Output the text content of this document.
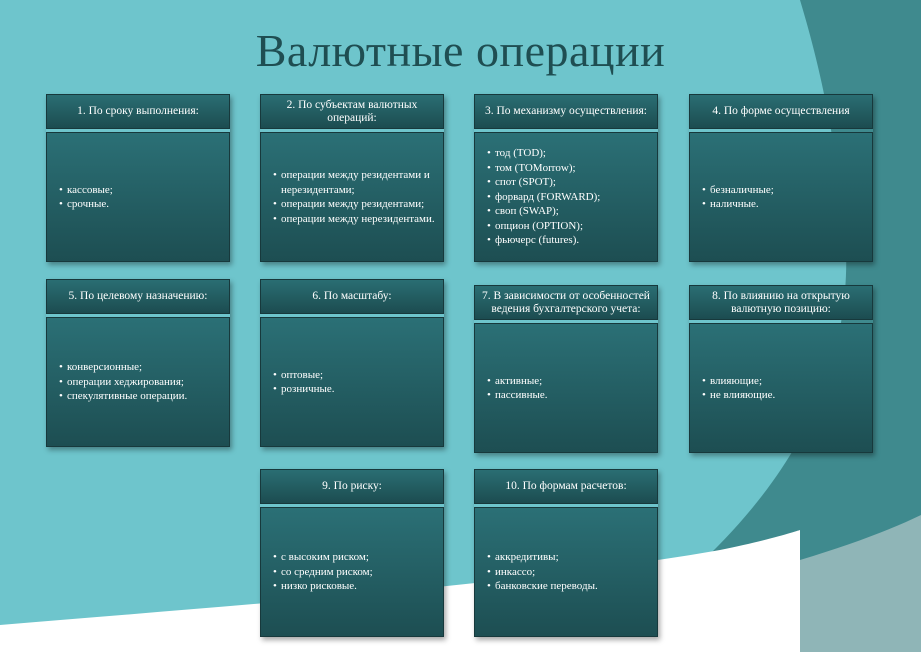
Валютные операции
1. По сроку выполнения:
• кассовые;
• срочные.
2. По субъектам валютных операций:
• операции между резидентами и нерезидентами;
• операции между резидентами;
• операции между нерезидентами.
3. По механизму осуществления:
• тод (TOD);
• том (TOMorrow);
• спот (SPOT);
• форвард (FORWARD);
• своп (SWAP);
• опцион (OPTION);
• фьючерс (futures).
4. По форме осуществления
• безналичные;
• наличные.
5. По целевому назначению:
• конверсионные;
• операции хеджирования;
• спекулятивные операции.
6. По масштабу:
• оптовые;
• розничные.
7. В зависимости от особенностей ведения бухгалтерского учета:
• активные;
• пассивные.
8. По влиянию на открытую валютную позицию:
• влияющие;
• не влияющие.
9. По риску:
• с высоким риском;
• со средним риском;
• низко рисковые.
10. По формам расчетов:
• аккредитивы;
• инкассо;
• банковские переводы.
